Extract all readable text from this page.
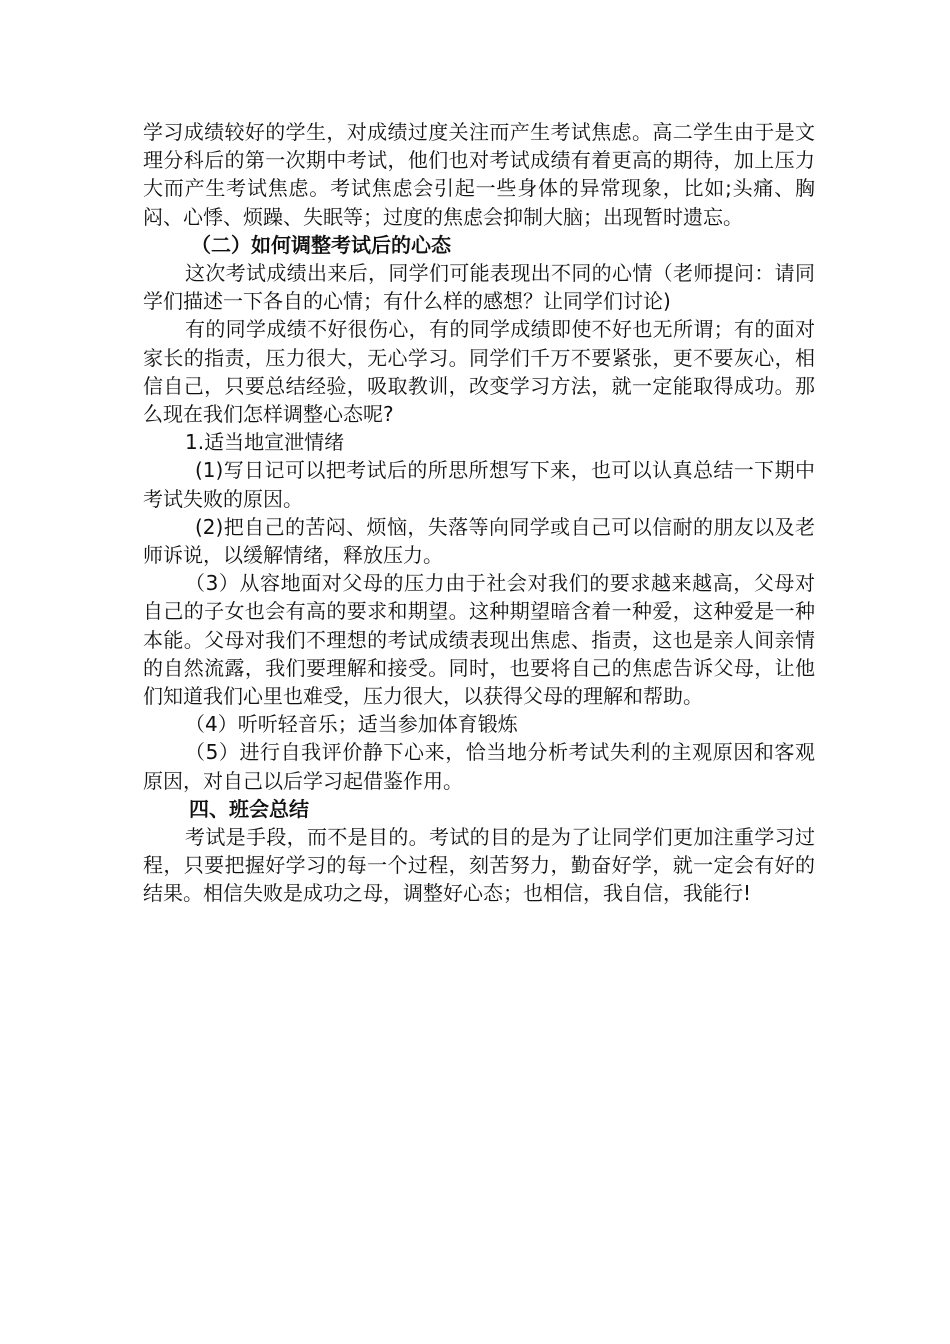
学习成绩较好的学生，对成绩过度关注而产生考试焦虑。高二学生由于是文理分科后的第一次期中考试，他们也对考试成绩有着更高的期待，加上压力大而产生考试焦虑。考试焦虑会引起一些身体的异常现象，比如;头痛、胸闷、心悸、烦躁、失眠等；过度的焦虑会抑制大脑；出现暂时遗忘。

（二）如何调整考试后的心态

这次考试成绩出来后，同学们可能表现出不同的心情（老师提问：请同学们描述一下各自的心情；有什么样的感想？让同学们讨论)

有的同学成绩不好很伤心，有的同学成绩即使不好也无所谓；有的面对家长的指责，压力很大，无心学习。同学们千万不要紧张，更不要灰心，相信自己，只要总结经验，吸取教训，改变学习方法，就一定能取得成功。那么现在我们怎样调整心态呢?

1.适当地宣泄情绪

(1)写日记可以把考试后的所思所想写下来，也可以认真总结一下期中考试失败的原因。

(2)把自己的苦闷、烦恼，失落等向同学或自己可以信耐的朋友以及老师诉说，以缓解情绪，释放压力。

（3）从容地面对父母的压力由于社会对我们的要求越来越高，父母对自己的子女也会有高的要求和期望。这种期望暗含着一种爱，这种爱是一种本能。父母对我们不理想的考试成绩表现出焦虑、指责，这也是亲人间亲情的自然流露，我们要理解和接受。同时，也要将自己的焦虑告诉父母，让他们知道我们心里也难受，压力很大，以获得父母的理解和帮助。

（4）听听轻音乐；适当参加体育锻炼

（5）进行自我评价静下心来，恰当地分析考试失利的主观原因和客观原因，对自己以后学习起借鉴作用。

四、班会总结

考试是手段，而不是目的。考试的目的是为了让同学们更加注重学习过程，只要把握好学习的每一个过程，刻苦努力，勤奋好学，就一定会有好的结果。相信失败是成功之母，调整好心态；也相信，我自信，我能行!
